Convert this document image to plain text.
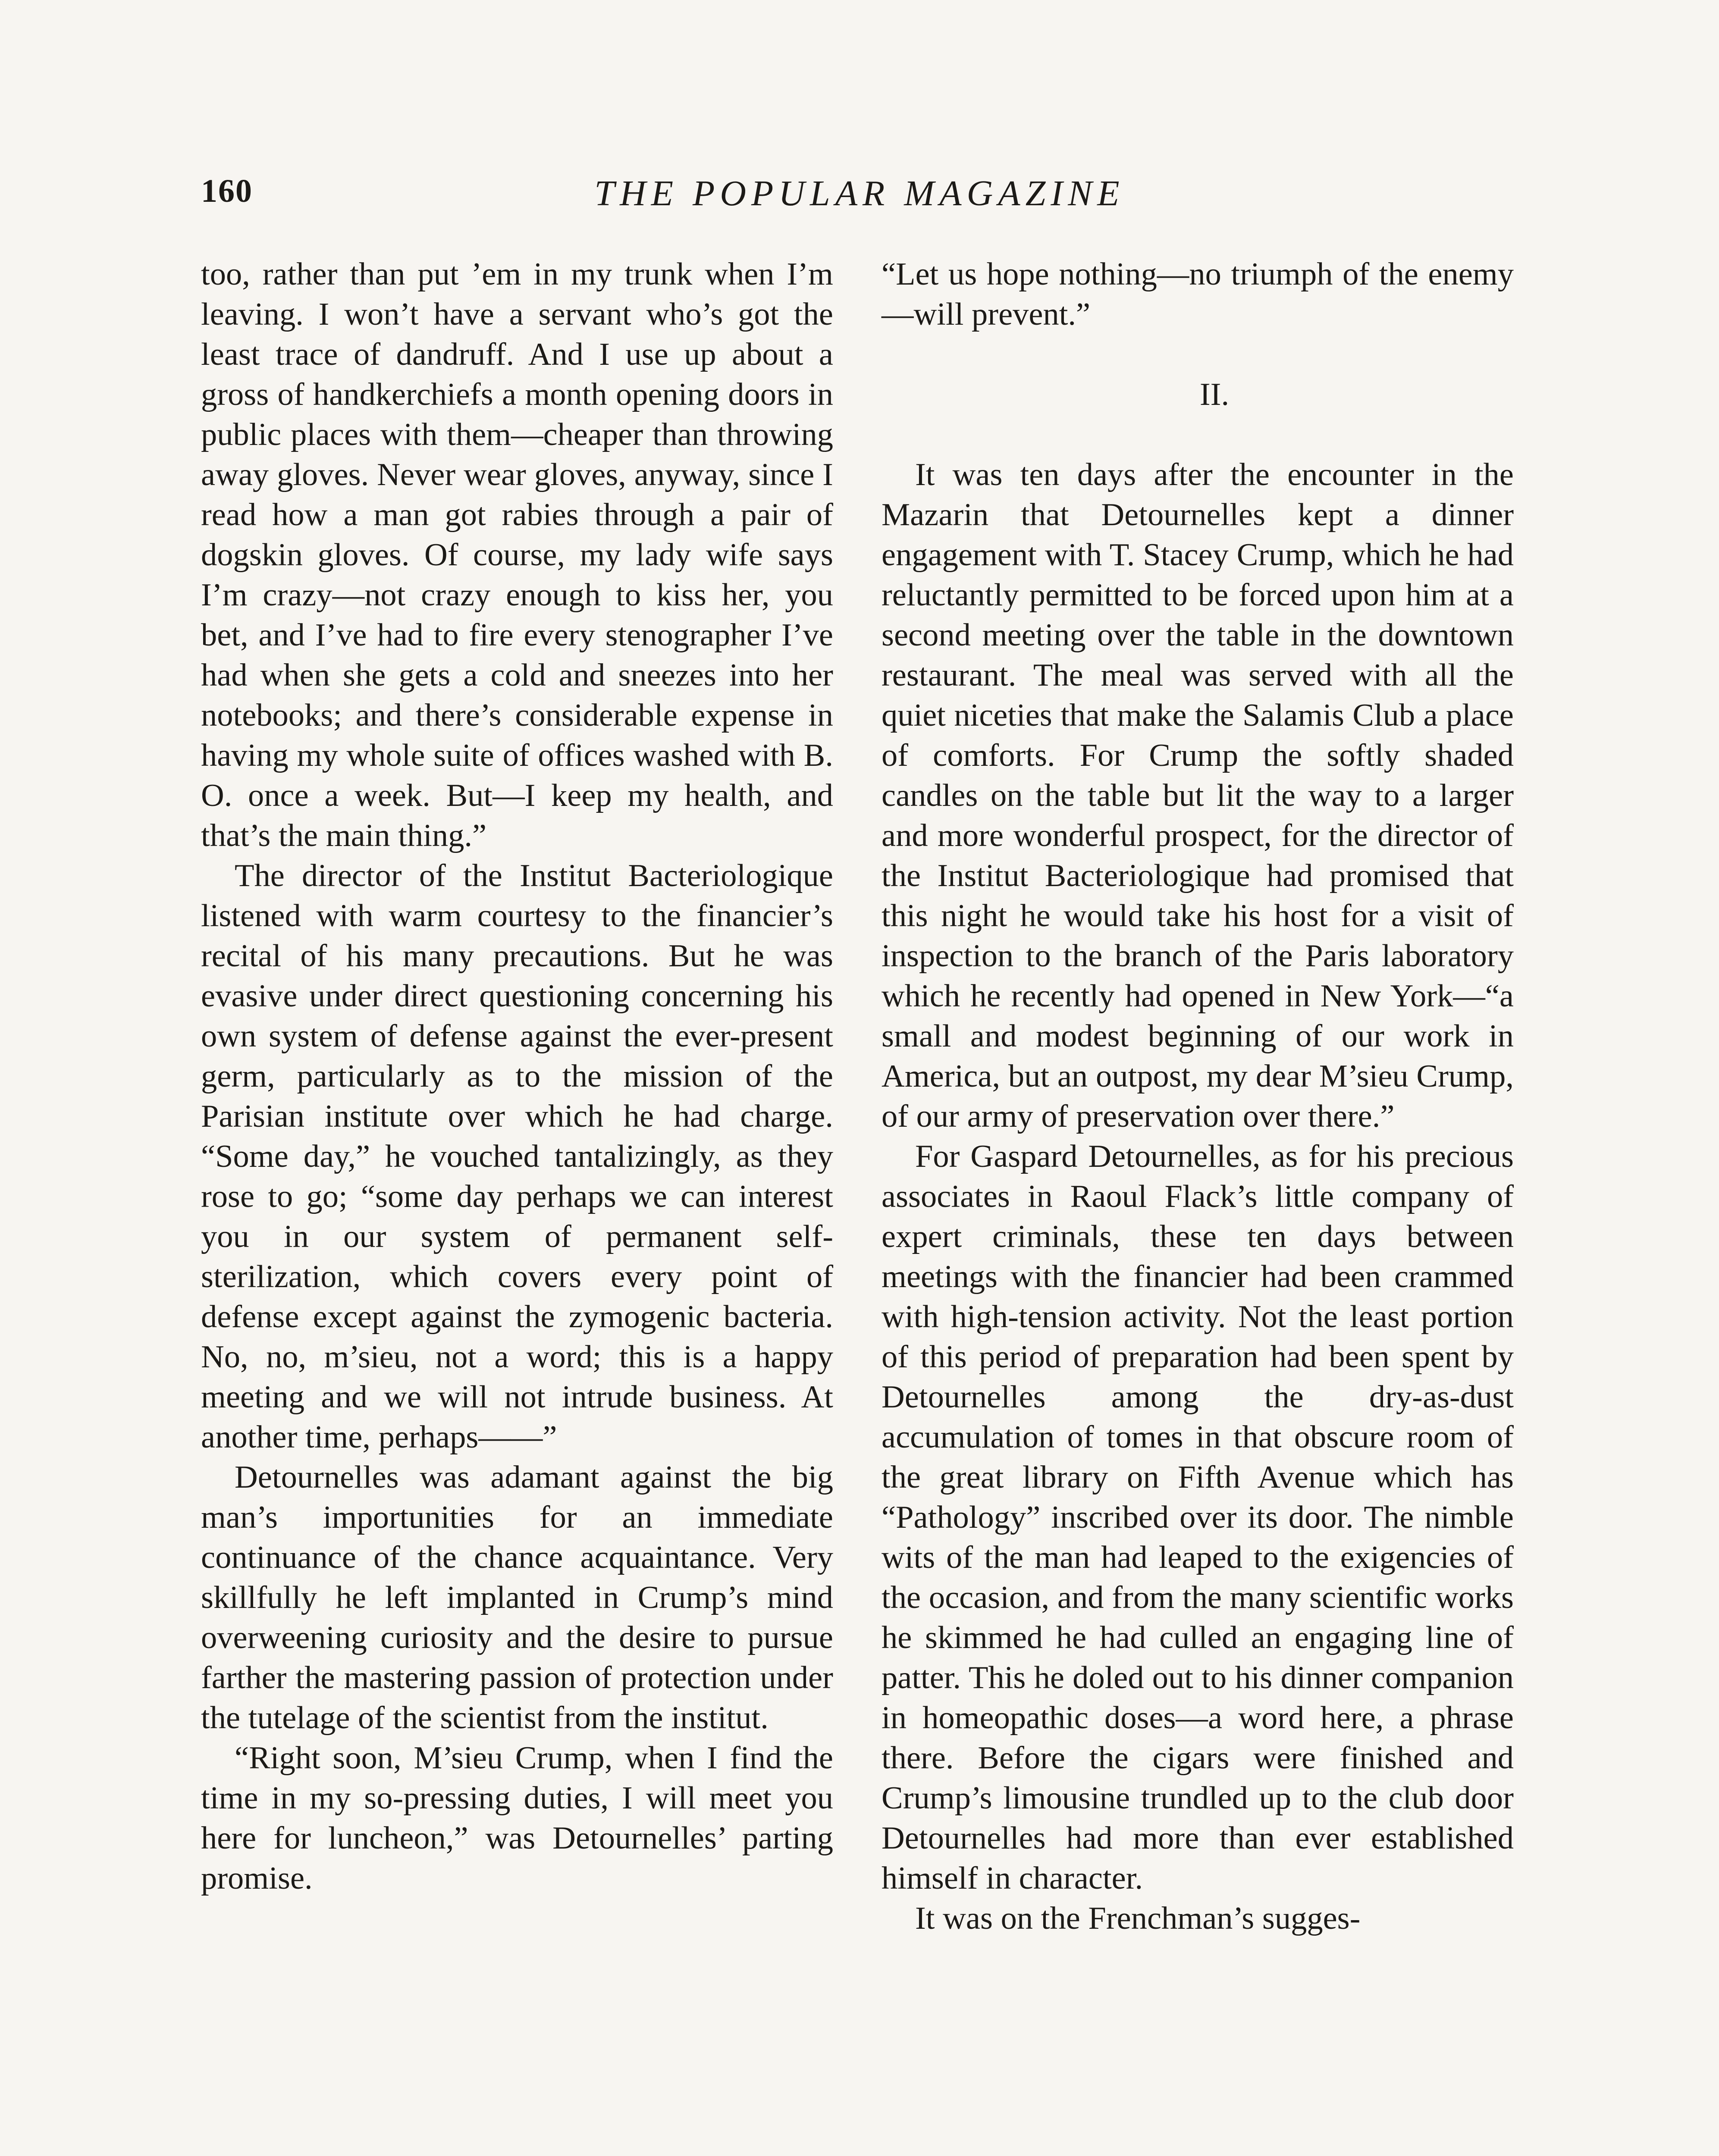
160	THE POPULAR MAGAZINE

too, rather than put ’em in my trunk when I’m leaving. I won’t have a servant who’s got the least trace of dandruff. And I use up about a gross of handkerchiefs a month opening doors in public places with them—cheaper than throwing away gloves. Never wear gloves, anyway, since I read how a man got rabies through a pair of dogskin gloves. Of course, my lady wife says I’m crazy—not crazy enough to kiss her, you bet, and I’ve had to fire every stenographer I’ve had when she gets a cold and sneezes into her notebooks; and there’s considerable expense in having my whole suite of offices washed with B. O. once a week. But—I keep my health, and that’s the main thing.”

The director of the Institut Bacteriologique listened with warm courtesy to the financier’s recital of his many precautions. But he was evasive under direct questioning concerning his own system of defense against the ever-present germ, particularly as to the mission of the Parisian institute over which he had charge. “Some day,” he vouched tantalizingly, as they rose to go; “some day perhaps we can interest you in our system of permanent self-sterilization, which covers every point of defense except against the zymogenic bacteria. No, no, m’sieu, not a word; this is a happy meeting and we will not intrude business. At another time, perhaps——”

Detournelles was adamant against the big man’s importunities for an immediate continuance of the chance acquaintance. Very skillfully he left implanted in Crump’s mind overweening curiosity and the desire to pursue farther the mastering passion of protection under the tutelage of the scientist from the institut.

“Right soon, M’sieu Crump, when I find the time in my so-pressing duties, I will meet you here for luncheon,” was Detournelles’ parting promise.

“Let us hope nothing—no triumph of the enemy—will prevent.”

II.

It was ten days after the encounter in the Mazarin that Detournelles kept a dinner engagement with T. Stacey Crump, which he had reluctantly permitted to be forced upon him at a second meeting over the table in the downtown restaurant. The meal was served with all the quiet niceties that make the Salamis Club a place of comforts. For Crump the softly shaded candles on the table but lit the way to a larger and more wonderful prospect, for the director of the Institut Bacteriologique had promised that this night he would take his host for a visit of inspection to the branch of the Paris laboratory which he recently had opened in New York—“a small and modest beginning of our work in America, but an outpost, my dear M’sieu Crump, of our army of preservation over there.”

For Gaspard Detournelles, as for his precious associates in Raoul Flack’s little company of expert criminals, these ten days between meetings with the financier had been crammed with high-tension activity. Not the least portion of this period of preparation had been spent by Detournelles among the dry-as-dust accumulation of tomes in that obscure room of the great library on Fifth Avenue which has “Pathology” inscribed over its door. The nimble wits of the man had leaped to the exigencies of the occasion, and from the many scientific works he skimmed he had culled an engaging line of patter. This he doled out to his dinner companion in homeopathic doses—a word here, a phrase there. Before the cigars were finished and Crump’s limousine trundled up to the club door Detournelles had more than ever established himself in character.

It was on the Frenchman’s sugges-
